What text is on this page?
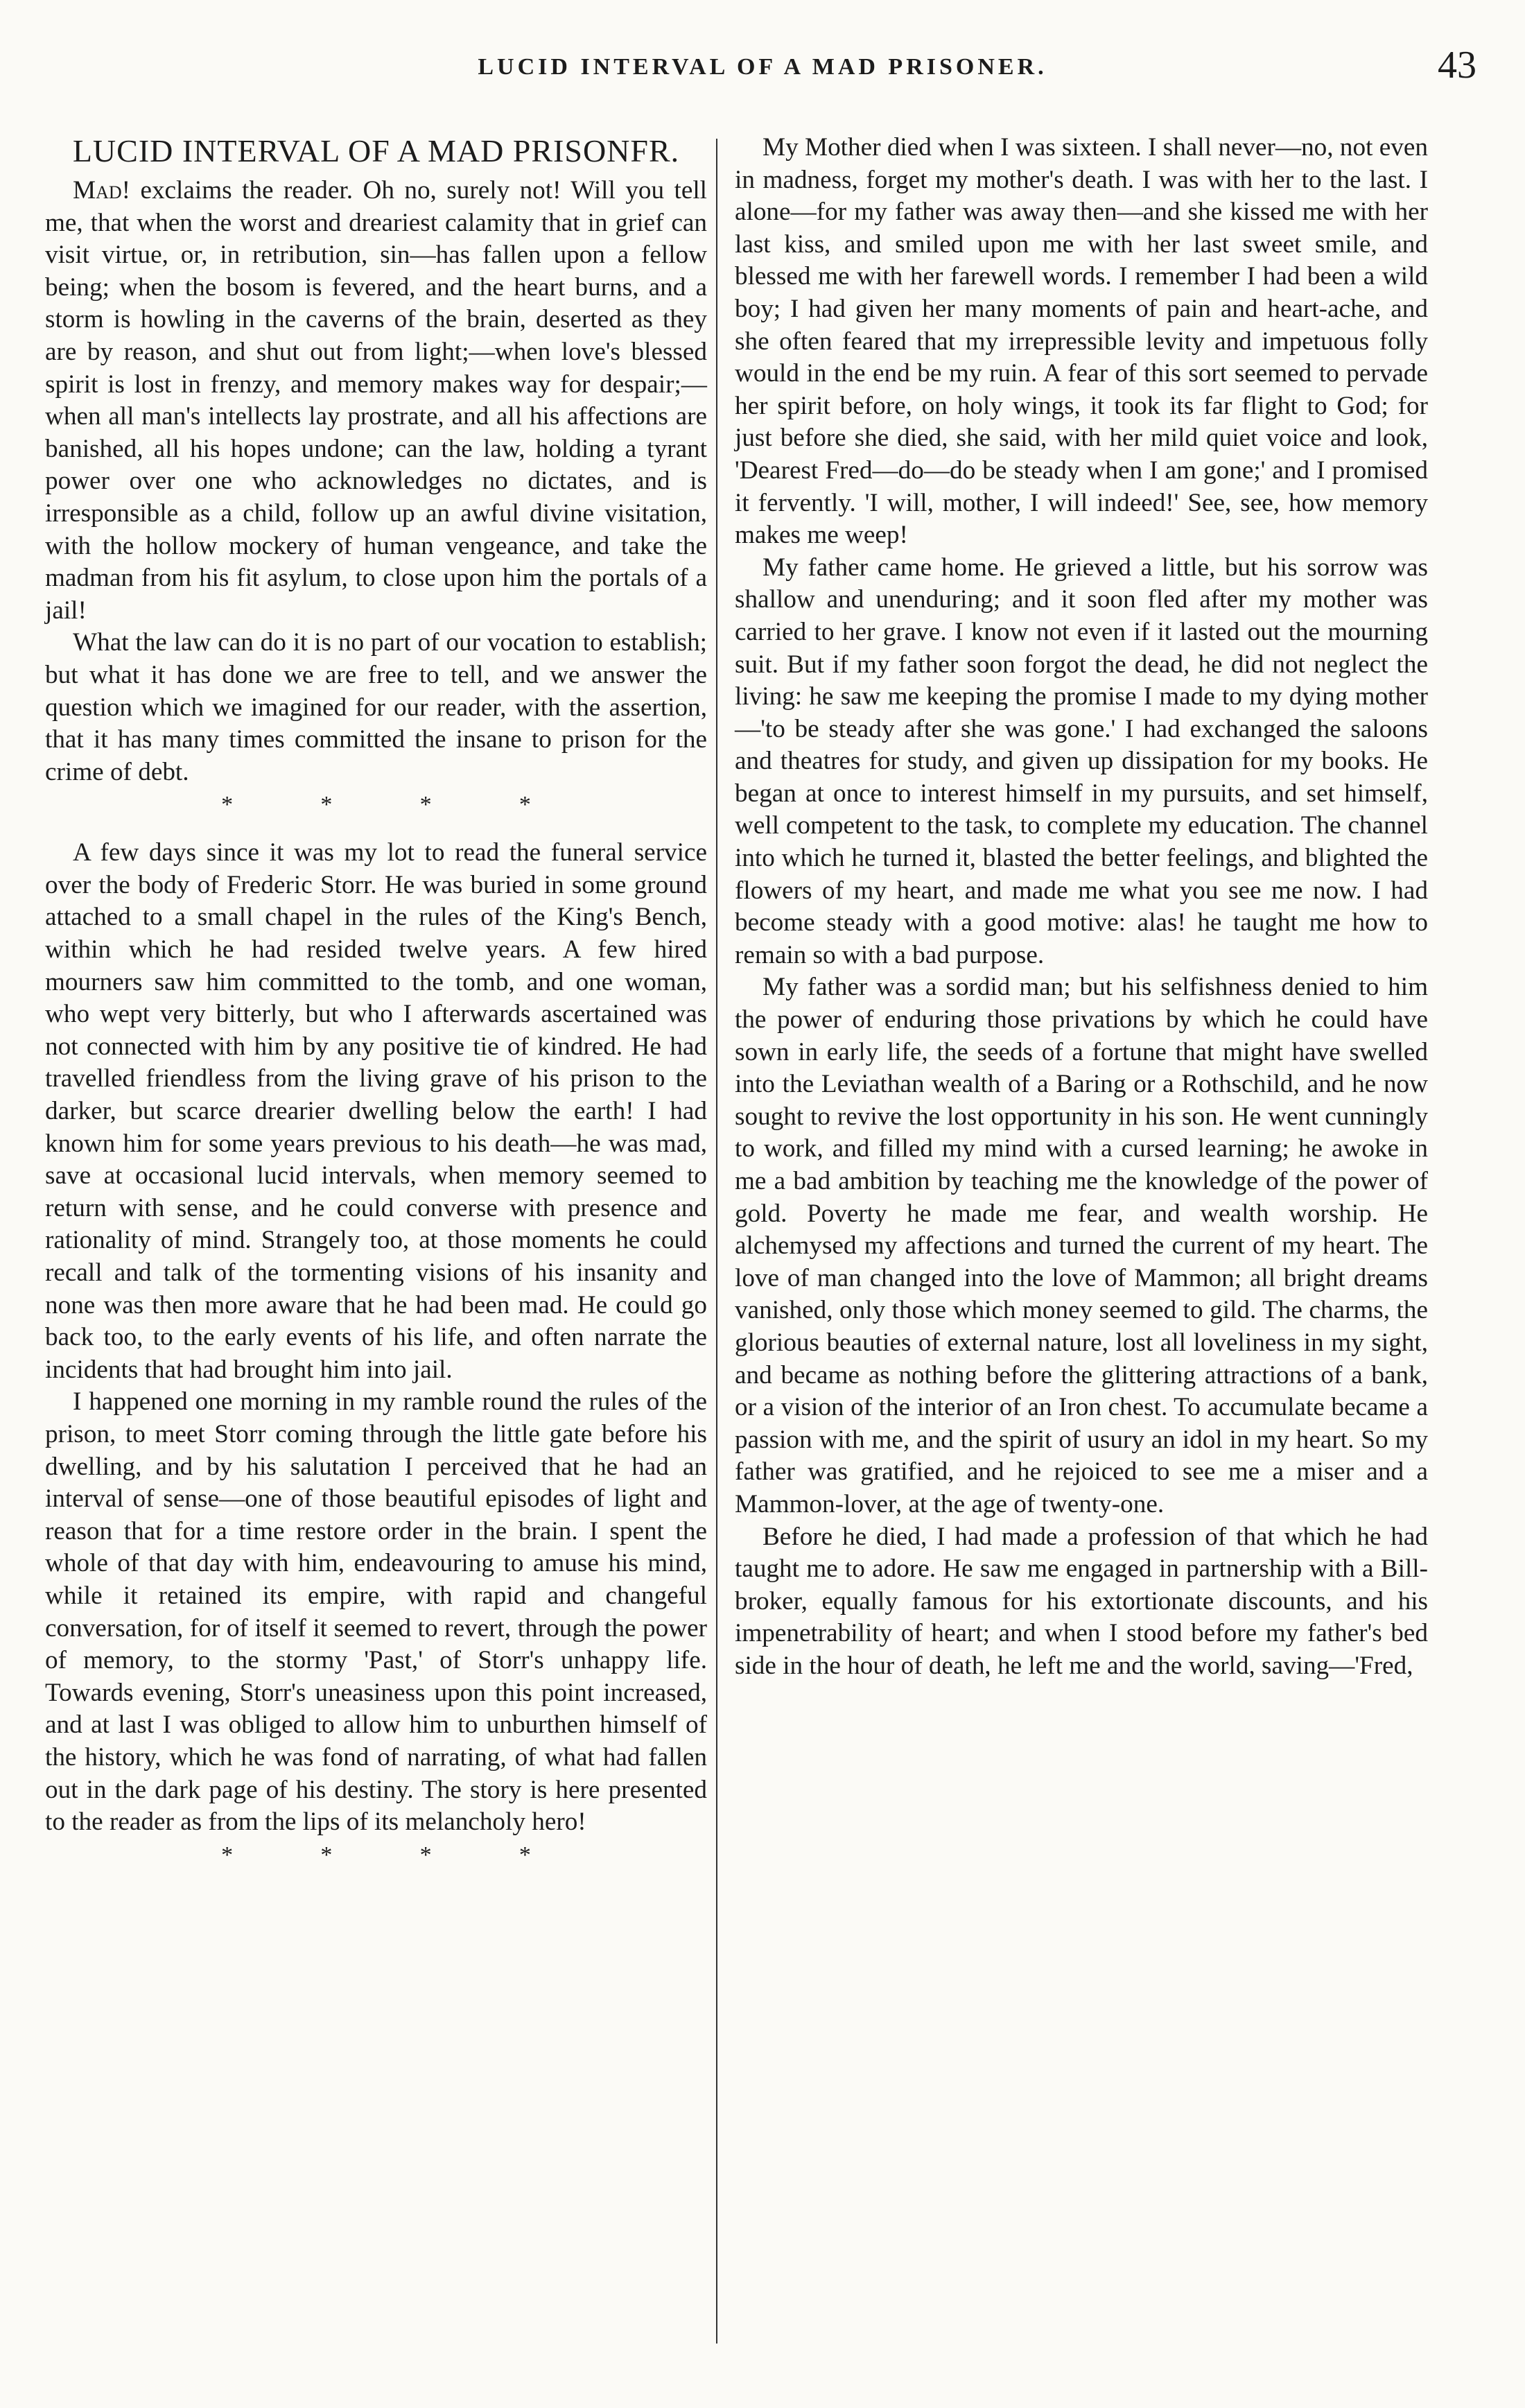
LUCID INTERVAL OF A MAD PRISONER.	43
LUCID INTERVAL OF A MAD PRISONFR.

Mad! exclaims the reader. Oh no, surely not! Will you tell me, that when the worst and dreariest calamity that in grief can visit virtue, or, in retribution, sin—has fallen upon a fellow being; when the bosom is fevered, and the heart burns, and a storm is howling in the caverns of the brain, deserted as they are by reason, and shut out from light;—when love's blessed spirit is lost in frenzy, and memory makes way for despair;—when all man's intellects lay prostrate, and all his affections are banished, all his hopes undone; can the law, holding a tyrant power over one who acknowledges no dictates, and is irresponsible as a child, follow up an awful divine visitation, with the hollow mockery of human vengeance, and take the madman from his fit asylum, to close upon him the portals of a jail!

What the law can do it is no part of our vocation to establish; but what it has done we are free to tell, and we answer the question which we imagined for our reader, with the assertion, that it has many times committed the insane to prison for the crime of debt.

*	*	*	*

A few days since it was my lot to read the funeral service over the body of Frederic Storr. He was buried in some ground attached to a small chapel in the rules of the King's Bench, within which he had resided twelve years. A few hired mourners saw him committed to the tomb, and one woman, who wept very bitterly, but who I afterwards ascertained was not connected with him by any positive tie of kindred. He had travelled friendless from the living grave of his prison to the darker, but scarce drearier dwelling below the earth! I had known him for some years previous to his death—he was mad, save at occasional lucid intervals, when memory seemed to return with sense, and he could converse with presence and rationality of mind. Strangely too, at those moments he could recall and talk of the tormenting visions of his insanity and none was then more aware that he had been mad. He could go back too, to the early events of his life, and often narrate the incidents that had brought him into jail.

I happened one morning in my ramble round the rules of the prison, to meet Storr coming through the little gate before his dwelling, and by his salutation I perceived that he had an interval of sense—one of those beautiful episodes of light and reason that for a time restore order in the brain. I spent the whole of that day with him, endeavouring to amuse his mind, while it retained its empire, with rapid and changeful conversation, for of itself it seemed to revert, through the power of memory, to the stormy 'Past,' of Storr's unhappy life. Towards evening, Storr's uneasiness upon this point increased, and at last I was obliged to allow him to unburthen himself of the history, which he was fond of narrating, of what had fallen out in the dark page of his destiny. The story is here presented to the reader as from the lips of its melancholy hero!

*	*	*	*

My Mother died when I was sixteen. I shall never—no, not even in madness, forget my mother's death. I was with her to the last. I alone—for my father was away then—and she kissed me with her last kiss, and smiled upon me with her last sweet smile, and blessed me with her farewell words. I remember I had been a wild boy; I had given her many moments of pain and heart-ache, and she often feared that my irrepressible levity and impetuous folly would in the end be my ruin. A fear of this sort seemed to pervade her spirit before, on holy wings, it took its far flight to God; for just before she died, she said, with her mild quiet voice and look, 'Dearest Fred—do—do be steady when I am gone;' and I promised it fervently. 'I will, mother, I will indeed!' See, see, how memory makes me weep!

My father came home. He grieved a little, but his sorrow was shallow and unenduring; and it soon fled after my mother was carried to her grave. I know not even if it lasted out the mourning suit. But if my father soon forgot the dead, he did not neglect the living: he saw me keeping the promise I made to my dying mother—'to be steady after she was gone.' I had exchanged the saloons and theatres for study, and given up dissipation for my books. He began at once to interest himself in my pursuits, and set himself, well competent to the task, to complete my education. The channel into which he turned it, blasted the better feelings, and blighted the flowers of my heart, and made me what you see me now. I had become steady with a good motive: alas! he taught me how to remain so with a bad purpose.

My father was a sordid man; but his selfishness denied to him the power of enduring those privations by which he could have sown in early life, the seeds of a fortune that might have swelled into the Leviathan wealth of a Baring or a Rothschild, and he now sought to revive the lost opportunity in his son. He went cunningly to work, and filled my mind with a cursed learning; he awoke in me a bad ambition by teaching me the knowledge of the power of gold. Poverty he made me fear, and wealth worship. He alchemysed my affections and turned the current of my heart. The love of man changed into the love of Mammon; all bright dreams vanished, only those which money seemed to gild. The charms, the glorious beauties of external nature, lost all loveliness in my sight, and became as nothing before the glittering attractions of a bank, or a vision of the interior of an Iron chest. To accumulate became a passion with me, and the spirit of usury an idol in my heart. So my father was gratified, and he rejoiced to see me a miser and a Mammon-lover, at the age of twenty-one.

Before he died, I had made a profession of that which he had taught me to adore. He saw me engaged in partnership with a Bill-broker, equally famous for his extortionate discounts, and his impenetrability of heart; and when I stood before my father's bed side in the hour of death, he left me and the world, saving—'Fred,
